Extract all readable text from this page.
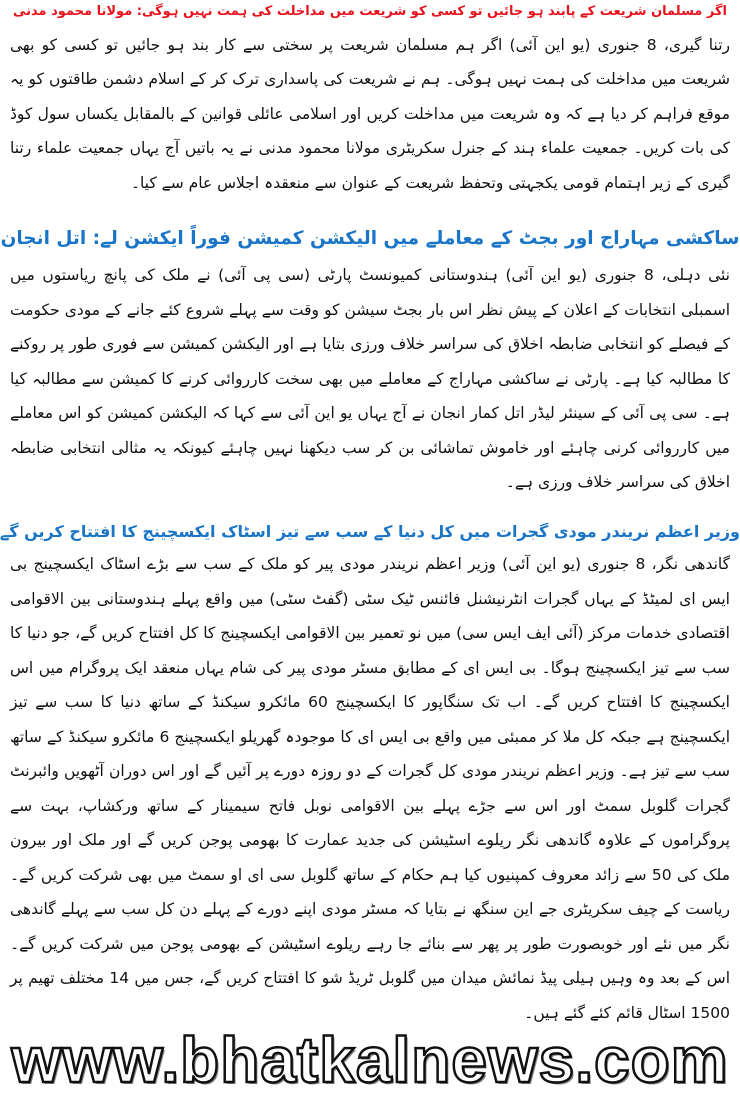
اگر مسلمان شریعت کے پابند ہو جائیں تو کسی کو شریعت میں مداخلت کی ہمت نہیں ہوگی: مولانا محمود مدنی

رتنا گیری، 8 جنوری (یو این آئی) اگر ہم مسلمان شریعت پر سختی سے کار بند ہو جائیں تو کسی کو بھی شریعت میں مداخلت کی ہمت نہیں ہوگی۔ ہم نے شریعت کی پاسداری ترک کر کے اسلام دشمن طاقتوں کو یہ موقع فراہم کر دیا ہے کہ وہ شریعت میں مداخلت کریں اور اسلامی عائلی قوانین کے بالمقابل یکساں سول کوڈ کی بات کریں۔ جمعیت علماء ہند کے جنرل سکریٹری مولانا محمود مدنی نے یہ باتیں آج یہاں جمعیت علماء رتنا گیری کے زیر اہتمام قومی یکجہتی وتحفظ شریعت کے عنوان سے منعقدہ اجلاس عام سے کیا۔

ساکشی مہاراج اور بجٹ کے معاملے میں الیکشن کمیشن فوراً ایکشن لے: اتل انجان

نئی دہلی، 8 جنوری (یو این آئی) ہندوستانی کمیونسٹ پارٹی (سی پی آئی) نے ملک کی پانچ ریاستوں میں اسمبلی انتخابات کے اعلان کے پیش نظر اس بار بجٹ سیشن کو وقت سے پہلے شروع کئے جانے کے مودی حکومت کے فیصلے کو انتخابی ضابطہ اخلاق کی سراسر خلاف ورزی بتایا ہے اور الیکشن کمیشن سے فوری طور پر روکنے کا مطالبہ کیا ہے۔ پارٹی نے ساکشی مہاراج کے معاملے میں بھی سخت کارروائی کرنے کا کمیشن سے مطالبہ کیا ہے۔ سی پی آئی کے سینئر لیڈر اتل کمار انجان نے آج یہاں یو این آئی سے کہا کہ الیکشن کمیشن کو اس معاملے میں کارروائی کرنی چاہئے اور خاموش تماشائی بن کر سب دیکھنا نہیں چاہئے کیونکہ یہ مثالی انتخابی ضابطہ اخلاق کی سراسر خلاف ورزی ہے۔

وزیر اعظم نریندر مودی گجرات میں کل دنیا کے سب سے تیز اسٹاک ایکسچینج کا افتتاح کریں گے

گاندھی نگر، 8 جنوری (یو این آئی) وزیر اعظم نریندر مودی پیر کو ملک کے سب سے بڑے اسٹاک ایکسچینج بی ایس ای لمیٹڈ کے یہاں گجرات انٹرنیشنل فائنس ٹیک سٹی (گفٹ سٹی) میں واقع پہلے ہندوستانی بین الاقوامی اقتصادی خدمات مرکز (آئی ایف ایس سی) میں نو تعمیر بین الاقوامی ایکسچینج کا کل افتتاح کریں گے، جو دنیا کا سب سے تیز ایکسچینج ہوگا۔ بی ایس ای کے مطابق مسٹر مودی پیر کی شام یہاں منعقد ایک پروگرام میں اس ایکسچینج کا افتتاح کریں گے۔ اب تک سنگاپور کا ایکسچینج 60 مائکرو سیکنڈ کے ساتھ دنیا کا سب سے تیز ایکسچینج ہے جبکہ کل ملا کر ممبئی میں واقع بی ایس ای کا موجودہ گھریلو ایکسچینج 6 مائکرو سیکنڈ کے ساتھ سب سے تیز ہے۔ وزیر اعظم نریندر مودی کل گجرات کے دو روزہ دورے پر آئیں گے اور اس دوران آٹھویں وائبرنٹ گجرات گلوبل سمٹ اور اس سے جڑے پہلے بین الاقوامی نوبل فاتح سیمینار کے ساتھ ورکشاپ، بہت سے پروگراموں کے علاوہ گاندھی نگر ریلوے اسٹیشن کی جدید عمارت کا بھومی پوجن کریں گے اور ملک اور بیرون ملک کی 50 سے زائد معروف کمپنیوں کیا ہم حکام کے ساتھ گلوبل سی ای او سمٹ میں بھی شرکت کریں گے۔ ریاست کے چیف سکریٹری جے این سنگھ نے بتایا کہ مسٹر مودی اپنے دورے کے پہلے دن کل سب سے پہلے گاندھی نگر میں نئے اور خوبصورت طور پر پھر سے بنائے جا رہے ریلوے اسٹیشن کے بھومی پوجن میں شرکت کریں گے۔ اس کے بعد وہ وہیں ہیلی پیڈ نمائش میدان میں گلوبل ٹریڈ شو کا افتتاح کریں گے، جس میں 14 مختلف تھیم پر 1500 اسٹال قائم کئے گئے ہیں۔

www.bhatkalnews.com
